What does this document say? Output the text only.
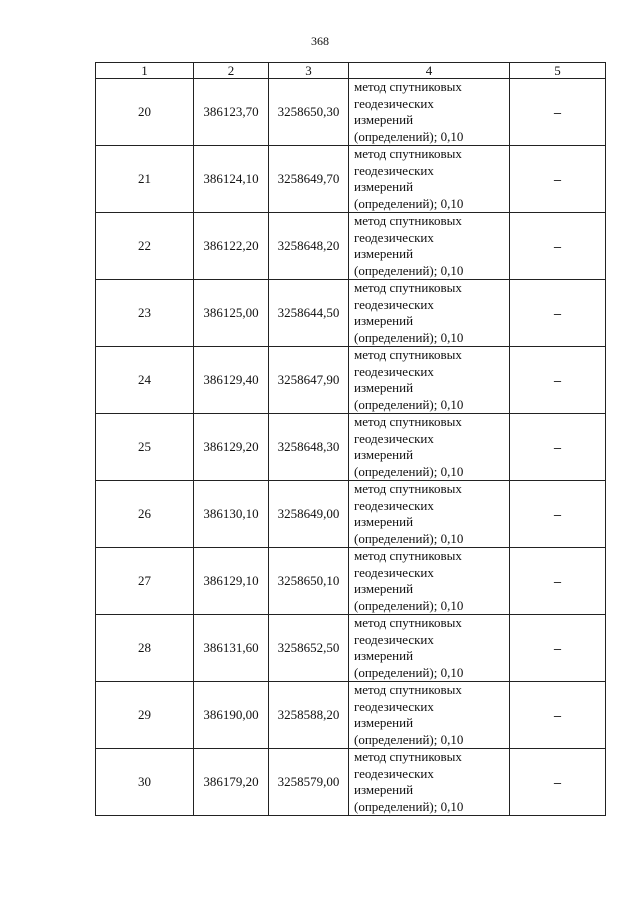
368
1	2	3	4	5
20	386123,70	3258650,30	метод спутниковых
геодезических
измерений
(определений); 0,10	–
21	386124,10	3258649,70	метод спутниковых
геодезических
измерений
(определений); 0,10	–
22	386122,20	3258648,20	метод спутниковых
геодезических
измерений
(определений); 0,10	–
23	386125,00	3258644,50	метод спутниковых
геодезических
измерений
(определений); 0,10	–
24	386129,40	3258647,90	метод спутниковых
геодезических
измерений
(определений); 0,10	–
25	386129,20	3258648,30	метод спутниковых
геодезических
измерений
(определений); 0,10	–
26	386130,10	3258649,00	метод спутниковых
геодезических
измерений
(определений); 0,10	–
27	386129,10	3258650,10	метод спутниковых
геодезических
измерений
(определений); 0,10	–
28	386131,60	3258652,50	метод спутниковых
геодезических
измерений
(определений); 0,10	–
29	386190,00	3258588,20	метод спутниковых
геодезических
измерений
(определений); 0,10	–
30	386179,20	3258579,00	метод спутниковых
геодезических
измерений
(определений); 0,10	–
